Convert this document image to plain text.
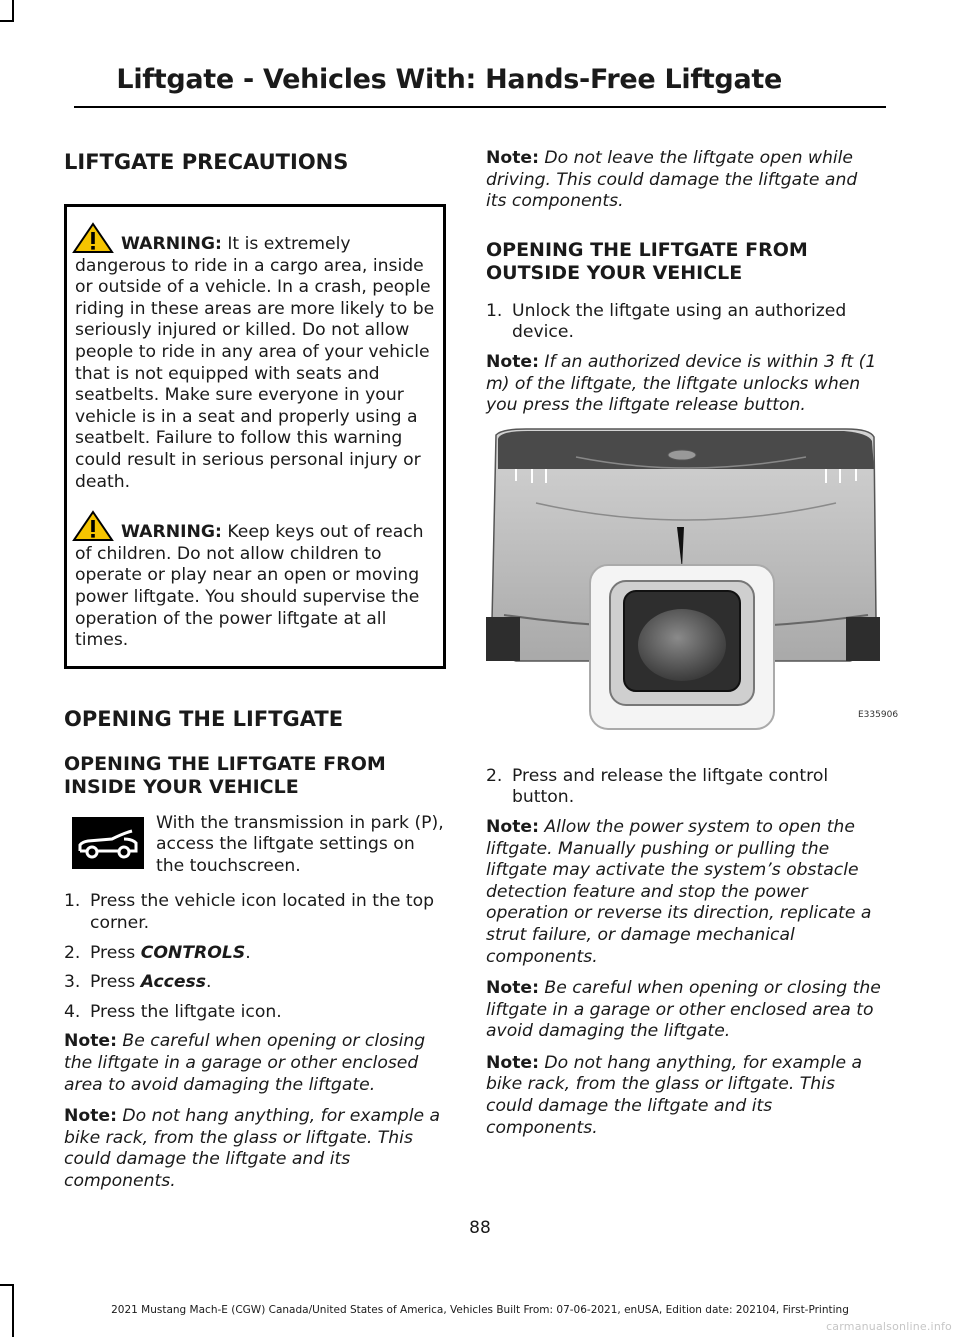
Liftgate - Vehicles With: Hands-Free Liftgate
LIFTGATE PRECAUTIONS

WARNING: It is extremely dangerous to ride in a cargo area, inside or outside of a vehicle. In a crash, people riding in these areas are more likely to be seriously injured or killed. Do not allow people to ride in any area of your vehicle that is not equipped with seats and seatbelts. Make sure everyone in your vehicle is in a seat and properly using a seatbelt. Failure to follow this warning could result in serious personal injury or death.

WARNING: Keep keys out of reach of children. Do not allow children to operate or play near an open or moving power liftgate. You should supervise the operation of the power liftgate at all times.

OPENING THE LIFTGATE
OPENING THE LIFTGATE FROM INSIDE YOUR VEHICLE

With the transmission in park (P), access the liftgate settings on the touchscreen.

1. Press the vehicle icon located in the top corner.
2. Press CONTROLS.
3. Press Access.
4. Press the liftgate icon.

Note: Be careful when opening or closing the liftgate in a garage or other enclosed area to avoid damaging the liftgate.

Note: Do not hang anything, for example a bike rack, from the glass or liftgate. This could damage the liftgate and its components.

Note: Do not leave the liftgate open while driving. This could damage the liftgate and its components.

OPENING THE LIFTGATE FROM OUTSIDE YOUR VEHICLE
1. Unlock the liftgate using an authorized device.

Note: If an authorized device is within 3 ft (1 m) of the liftgate, the liftgate unlocks when you press the liftgate release button.

E335906
2. Press and release the liftgate control button.

Note: Allow the power system to open the liftgate. Manually pushing or pulling the liftgate may activate the system’s obstacle detection feature and stop the power operation or reverse its direction, replicate a strut failure, or damage mechanical components.

Note: Be careful when opening or closing the liftgate in a garage or other enclosed area to avoid damaging the liftgate.

Note: Do not hang anything, for example a bike rack, from the glass or liftgate. This could damage the liftgate and its components.

88
2021 Mustang Mach-E (CGW) Canada/United States of America, Vehicles Built From: 07-06-2021, enUSA, Edition date: 202104, First-Printing
carmanualsonline.info
